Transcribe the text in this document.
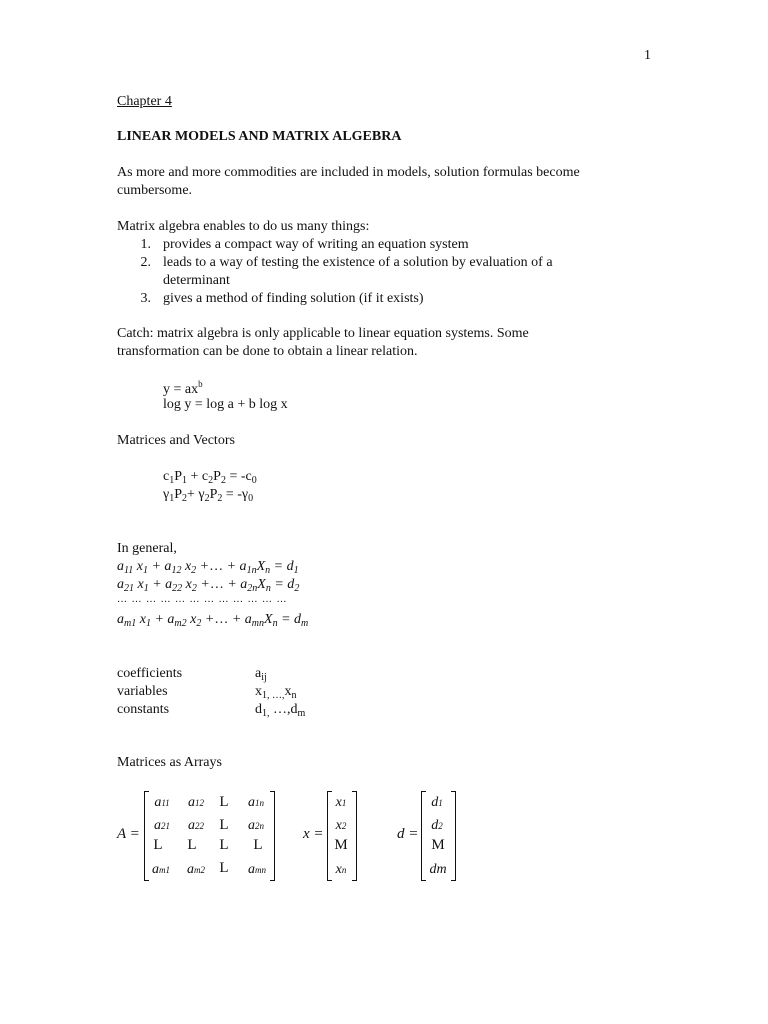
1
Chapter 4
LINEAR MODELS AND MATRIX ALGEBRA
As more and more commodities are included in models, solution formulas become
cumbersome.
Matrix algebra enables to do us many things:
1. provides a compact way of writing an equation system
2. leads to a way of testing the existence of a solution by evaluation of a
determinant
3. gives a method of finding solution (if it exists)
Catch: matrix algebra is only applicable to linear equation systems. Some
transformation can be done to obtain a linear relation.
$y = ax^b$
log y = log a + b log x
Matrices and Vectors
$c_1P_1 + c_2P_2 = -c_0$
$\gamma_1P_2+ \gamma_2P_2 = -\gamma_0$
In general,
$a_{11}$ $x_1 + a_{12}$ $x_2$ +… + $a_{1n}X_n = d_1$
$a_{21}$ $x_1 + a_{22}$ $x_2$ +… + $a_{2n}X_n = d_2$
… … … … … … … … … … … …
$a_{m1}$ $x_1 + a_{m2}$ $x_2$ +… + $a_{mn}X_n = d_m$
coefficients	$a_{ij}$
variables	$x_{1, \dots,}x_n$
constants	$d_{1,}$ $\dots,d_m$
Matrices as Arrays
A =
a11	a12 L a1n
a21 a22 L a2n
L L L L
am1 am2 L amn
x =
x1
x2
M
xn
d =
d1
d2
M
dm
